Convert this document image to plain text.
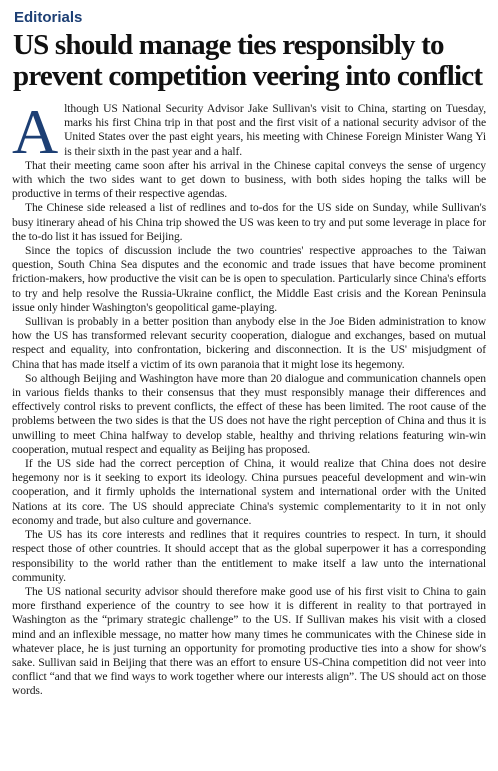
Editorials
US should manage ties responsibly to prevent competition veering into conflict

Although US National Security Advisor Jake Sullivan's visit to China, starting on Tuesday, marks his first China trip in that post and the first visit of a national security advisor of the United States over the past eight years, his meeting with Chinese Foreign Minister Wang Yi is their sixth in the past year and a half.

That their meeting came soon after his arrival in the Chinese capital conveys the sense of urgency with which the two sides want to get down to business, with both sides hoping the talks will be productive in terms of their respective agendas.

The Chinese side released a list of redlines and to-dos for the US side on Sunday, while Sullivan's busy itinerary ahead of his China trip showed the US was keen to try and put some leverage in place for the to-do list it has issued for Beijing.

Since the topics of discussion include the two countries' respective approaches to the Taiwan question, South China Sea disputes and the economic and trade issues that have become prominent friction-makers, how productive the visit can be is open to speculation. Particularly since China's efforts to try and help resolve the Russia-Ukraine conflict, the Middle East crisis and the Korean Peninsula issue only hinder Washington's geopolitical game-playing.

Sullivan is probably in a better position than anybody else in the Joe Biden administration to know how the US has transformed relevant security cooperation, dialogue and exchanges, based on mutual respect and equality, into confrontation, bickering and disconnection. It is the US' misjudgment of China that has made itself a victim of its own paranoia that it might lose its hegemony.

So although Beijing and Washington have more than 20 dialogue and communication channels open in various fields thanks to their consensus that they must responsibly manage their differences and effectively control risks to prevent conflicts, the effect of these has been limited. The root cause of the problems between the two sides is that the US does not have the right perception of China and thus it is unwilling to meet China halfway to develop stable, healthy and thriving relations featuring win-win cooperation, mutual respect and equality as Beijing has proposed.

If the US side had the correct perception of China, it would realize that China does not desire hegemony nor is it seeking to export its ideology. China pursues peaceful development and win-win cooperation, and it firmly upholds the international system and international order with the United Nations at its core. The US should appreciate China's systemic complementarity to it in not only economy and trade, but also culture and governance.

The US has its core interests and redlines that it requires countries to respect. In turn, it should respect those of other countries. It should accept that as the global superpower it has a corresponding responsibility to the world rather than the entitlement to make itself a law unto the international community.

The US national security advisor should therefore make good use of his first visit to China to gain more firsthand experience of the country to see how it is different in reality to that portrayed in Washington as the “primary strategic challenge” to the US. If Sullivan makes his visit with a closed mind and an inflexible message, no matter how many times he communicates with the Chinese side in whatever place, he is just turning an opportunity for promoting productive ties into a show for show's sake. Sullivan said in Beijing that there was an effort to ensure US-China competition did not veer into conflict “and that we find ways to work together where our interests align”. The US should act on those words.
